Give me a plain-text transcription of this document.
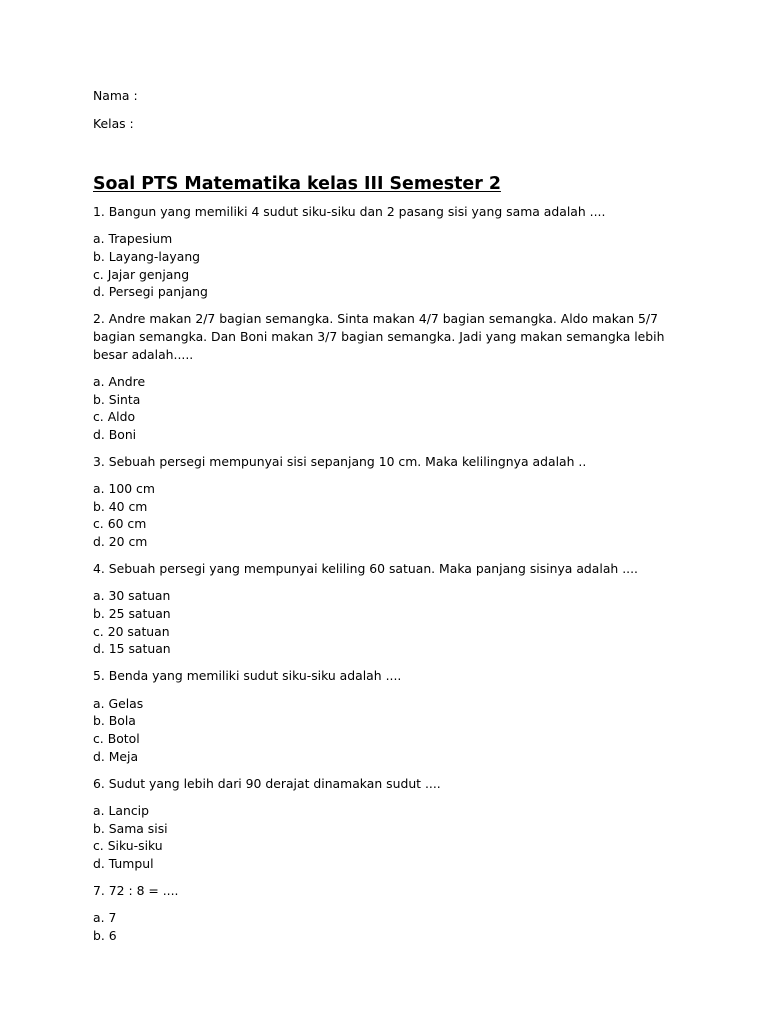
Nama :

Kelas :

Soal PTS Matematika kelas III Semester 2

1. Bangun yang memiliki 4 sudut siku-siku dan 2 pasang sisi yang sama adalah ....

a. Trapesium
b. Layang-layang
c. Jajar genjang
d. Persegi panjang

2. Andre makan 2/7 bagian semangka. Sinta makan 4/7 bagian semangka. Aldo makan 5/7 bagian semangka. Dan Boni makan 3/7 bagian semangka. Jadi yang makan semangka lebih besar adalah.....

a. Andre
b. Sinta
c. Aldo
d. Boni

3. Sebuah persegi mempunyai sisi sepanjang 10 cm. Maka kelilingnya adalah ..

a. 100 cm
b. 40 cm
c. 60 cm
d. 20 cm

4. Sebuah persegi yang mempunyai keliling 60 satuan. Maka panjang sisinya adalah ....

a. 30 satuan
b. 25 satuan
c. 20 satuan
d. 15 satuan

5. Benda yang memiliki sudut siku-siku adalah ....

a. Gelas
b. Bola
c. Botol
d. Meja

6. Sudut yang lebih dari 90 derajat dinamakan sudut ....

a. Lancip
b. Sama sisi
c. Siku-siku
d. Tumpul

7. 72 : 8 = ....

a. 7
b. 6
